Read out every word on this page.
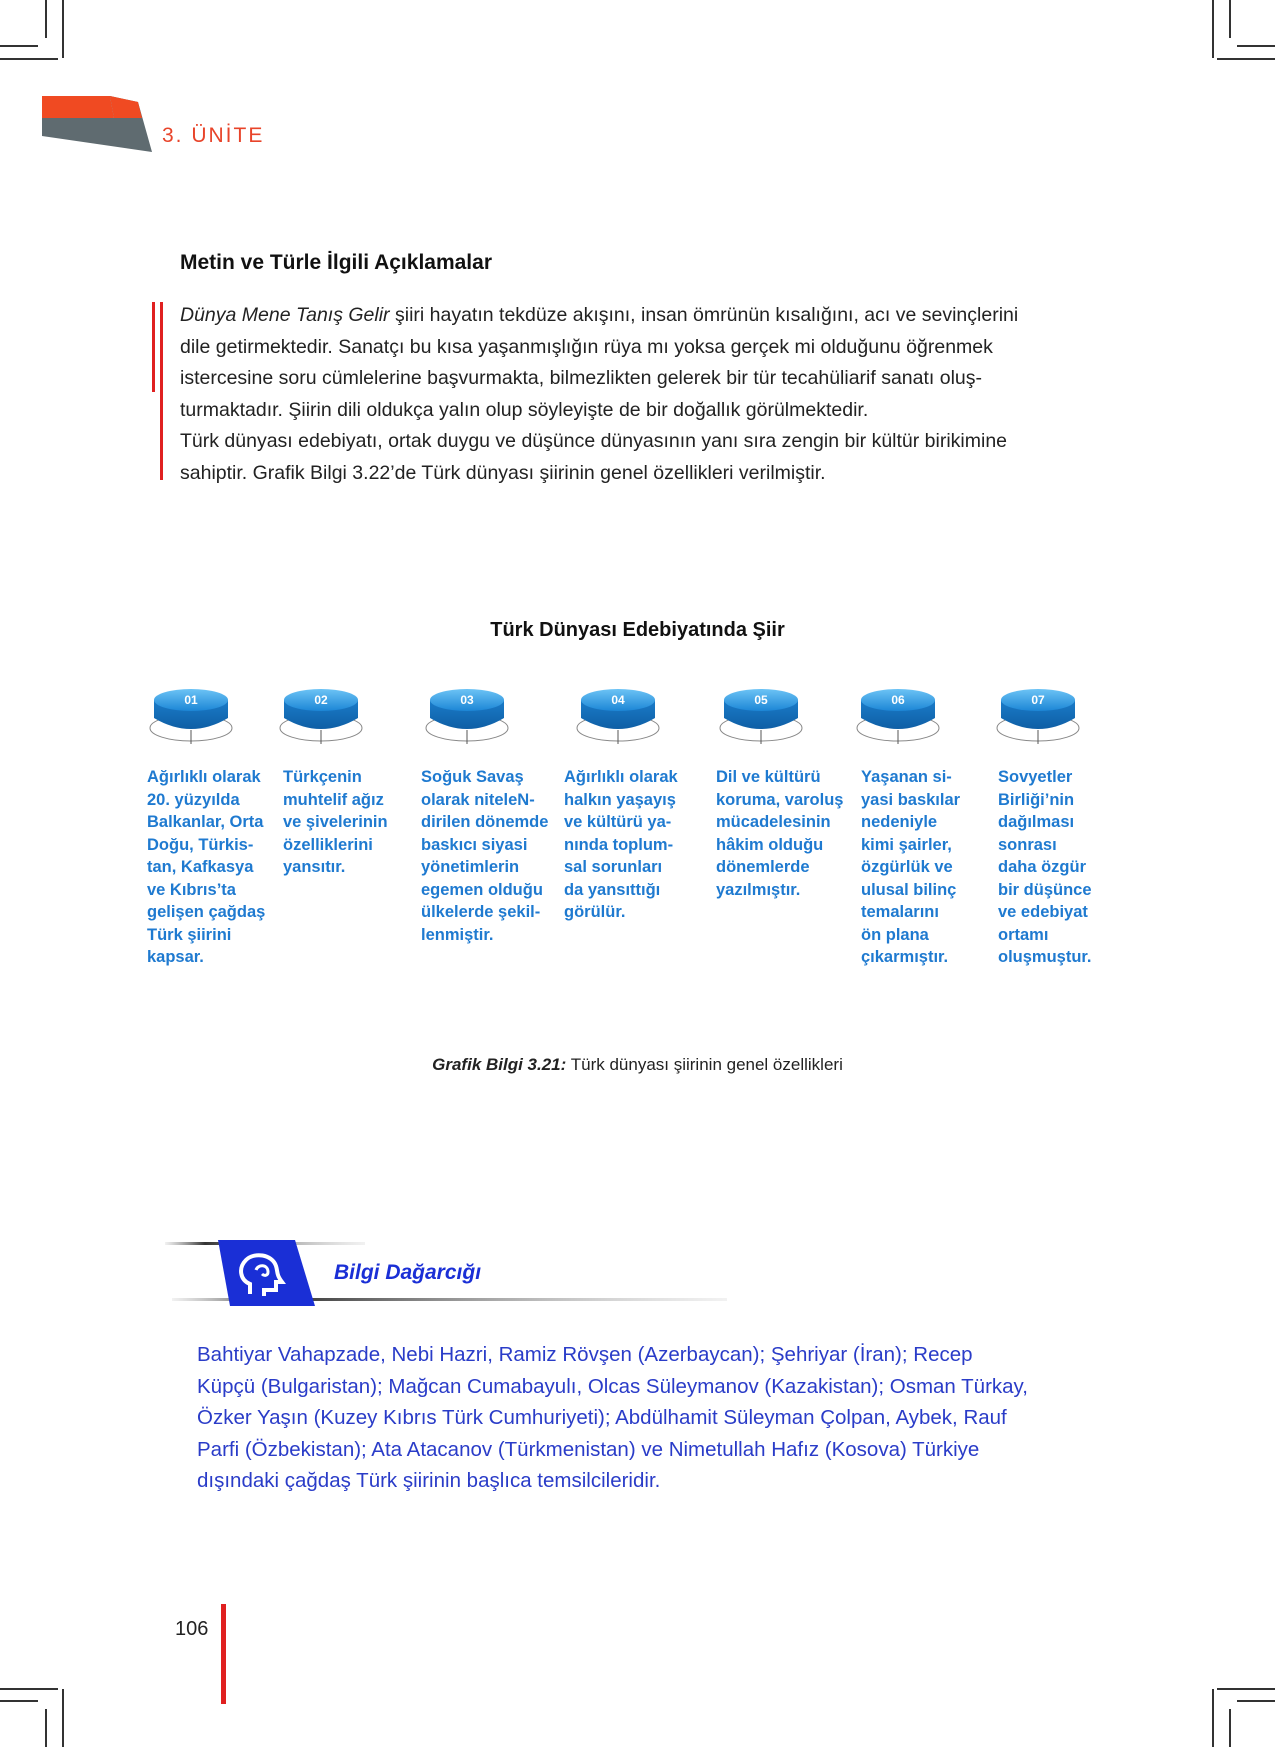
3. ÜNİTE
Metin ve Türle İlgili Açıklamalar
Dünya Mene Tanış Gelir şiiri hayatın tekdüze akışını, insan ömrünün kısalığını, acı ve sevinçlerini
dile getirmektedir. Sanatçı bu kısa yaşanmışlığın rüya mı yoksa gerçek mi olduğunu öğrenmek
istercesine soru cümlelerine başvurmakta, bilmezlikten gelerek bir tür tecahüliarif sanatı oluş-
turmaktadır. Şiirin dili oldukça yalın olup söyleyişte de bir doğallık görülmektedir.
Türk dünyası edebiyatı, ortak duygu ve düşünce dünyasının yanı sıra zengin bir kültür birikimine
sahiptir. Grafik Bilgi 3.22’de Türk dünyası şiirinin genel özellikleri verilmiştir.
Türk Dünyası Edebiyatında Şiir
01
Ağırlıklı olarak
20. yüzyılda
Balkanlar, Orta
Doğu, Türkis-
tan, Kafkasya
ve Kıbrıs’ta
gelişen çağdaş
Türk şiirini
kapsar.
02
Türkçenin
muhtelif ağız
ve şivelerinin
özelliklerini
yansıtır.
03
Soğuk Savaş
olarak niteleN-
dirilen dönemde
baskıcı siyasi
yönetimlerin
egemen olduğu
ülkelerde şekil-
lenmiştir.
04
Ağırlıklı olarak
halkın yaşayış
ve kültürü ya-
nında toplum-
sal sorunları
da yansıttığı
görülür.
05
Dil ve kültürü
koruma, varoluş
mücadelesinin
hâkim olduğu
dönemlerde
yazılmıştır.
06
Yaşanan si-
yasi baskılar
nedeniyle
kimi şairler,
özgürlük ve
ulusal bilinç
temalarını
ön plana
çıkarmıştır.
07
Sovyetler
Birliği’nin
dağılması
sonrası
daha özgür
bir düşünce
ve edebiyat
ortamı
oluşmuştur.
Grafik Bilgi 3.21: Türk dünyası şiirinin genel özellikleri
Bilgi Dağarcığı
Bahtiyar Vahapzade, Nebi Hazri, Ramiz Rövşen (Azerbaycan); Şehriyar (İran); Recep
Küpçü (Bulgaristan); Mağcan Cumabayulı, Olcas Süleymanov (Kazakistan); Osman Türkay,
Özker Yaşın (Kuzey Kıbrıs Türk Cumhuriyeti); Abdülhamit Süleyman Çolpan, Aybek, Rauf
Parfi (Özbekistan); Ata Atacanov (Türkmenistan) ve Nimetullah Hafız (Kosova) Türkiye
dışındaki çağdaş Türk şiirinin başlıca temsilcileridir.
106
